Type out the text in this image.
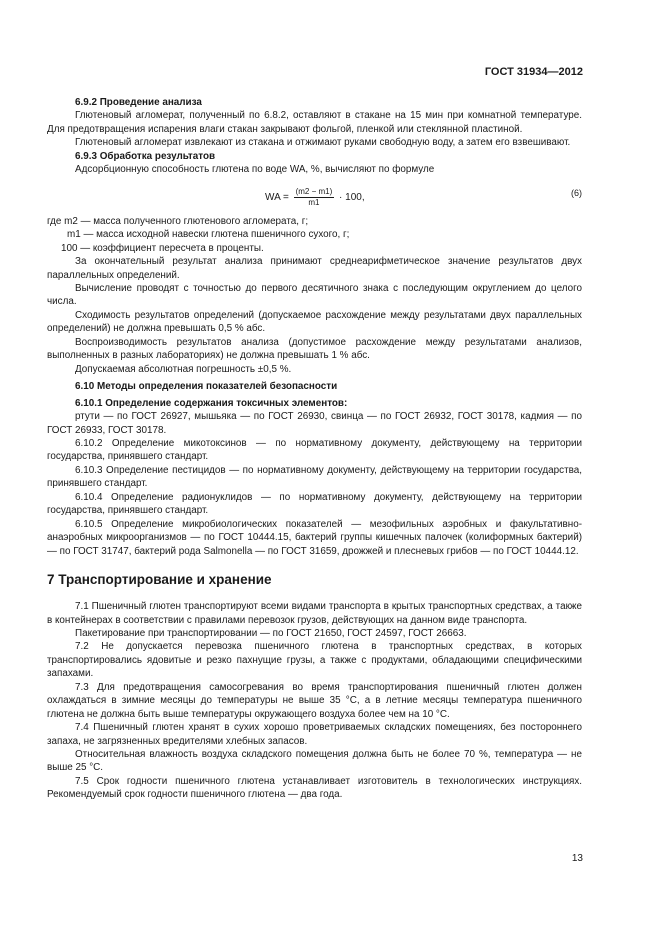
ГОСТ 31934—2012

6.9.2 Проведение анализа

Глютеновый агломерат, полученный по 6.8.2, оставляют в стакане на 15 мин при комнатной температуре. Для предотвращения испарения влаги стакан закрывают фольгой, пленкой или стеклянной пластиной.

Глютеновый агломерат извлекают из стакана и отжимают руками свободную воду, а затем его взвешивают.

6.9.3 Обработка результатов

Адсорбционную способность глютена по воде WA, %, вычисляют по формуле

WA = $\frac{(m2 - m1)}{m1} \cdot 100$,	(6)
где m2 — масса полученного глютенового агломерата, г;
m1 — масса исходной навески глютена пшеничного сухого, г;
100 — коэффициент пересчета в проценты.

За окончательный результат анализа принимают среднеарифметическое значение результатов двух параллельных определений.

Вычисление проводят с точностью до первого десятичного знака с последующим округлением до целого числа.

Сходимость результатов определений (допускаемое расхождение между результатами двух параллельных определений) не должна превышать 0,5 % абс.

Воспроизводимость результатов анализа (допустимое расхождение между результатами анализов, выполненных в разных лабораториях) не должна превышать 1 % абс.

Допускаемая абсолютная погрешность ±0,5 %.

6.10 Методы определения показателей безопасности

6.10.1 Определение содержания токсичных элементов:

ртути — по ГОСТ 26927, мышьяка — по ГОСТ 26930, свинца — по ГОСТ 26932, ГОСТ 30178, кадмия — по ГОСТ 26933, ГОСТ 30178.

6.10.2 Определение микотоксинов — по нормативному документу, действующему на территории государства, принявшего стандарт.

6.10.3 Определение пестицидов — по нормативному документу, действующему на территории государства, принявшего стандарт.

6.10.4 Определение радионуклидов — по нормативному документу, действующему на территории государства, принявшего стандарт.

6.10.5 Определение микробиологических показателей — мезофильных аэробных и факультативно-анаэробных микроорганизмов — по ГОСТ 10444.15, бактерий группы кишечных палочек (колиформных бактерий) — по ГОСТ 31747, бактерий рода Salmonella — по ГОСТ 31659, дрожжей и плесневых грибов — по ГОСТ 10444.12.

7 Транспортирование и хранение

7.1 Пшеничный глютен транспортируют всеми видами транспорта в крытых транспортных средствах, а также в контейнерах в соответствии с правилами перевозок грузов, действующих на данном виде транспорта.

Пакетирование при транспортировании — по ГОСТ 21650, ГОСТ 24597, ГОСТ 26663.

7.2 Не допускается перевозка пшеничного глютена в транспортных средствах, в которых транспортировались ядовитые и резко пахнущие грузы, а также с продуктами, обладающими специфическими запахами.

7.3 Для предотвращения самосогревания во время транспортирования пшеничный глютен должен охлаждаться в зимние месяцы до температуры не выше 35 °С, а в летние месяцы температура пшеничного глютена не должна быть выше температуры окружающего воздуха более чем на 10 °С.

7.4 Пшеничный глютен хранят в сухих хорошо проветриваемых складских помещениях, без постороннего запаха, не загрязненных вредителями хлебных запасов.

Относительная влажность воздуха складского помещения должна быть не более 70 %, температура — не выше 25 °С.

7.5 Срок годности пшеничного глютена устанавливает изготовитель в технологических инструкциях. Рекомендуемый срок годности пшеничного глютена — два года.

13
